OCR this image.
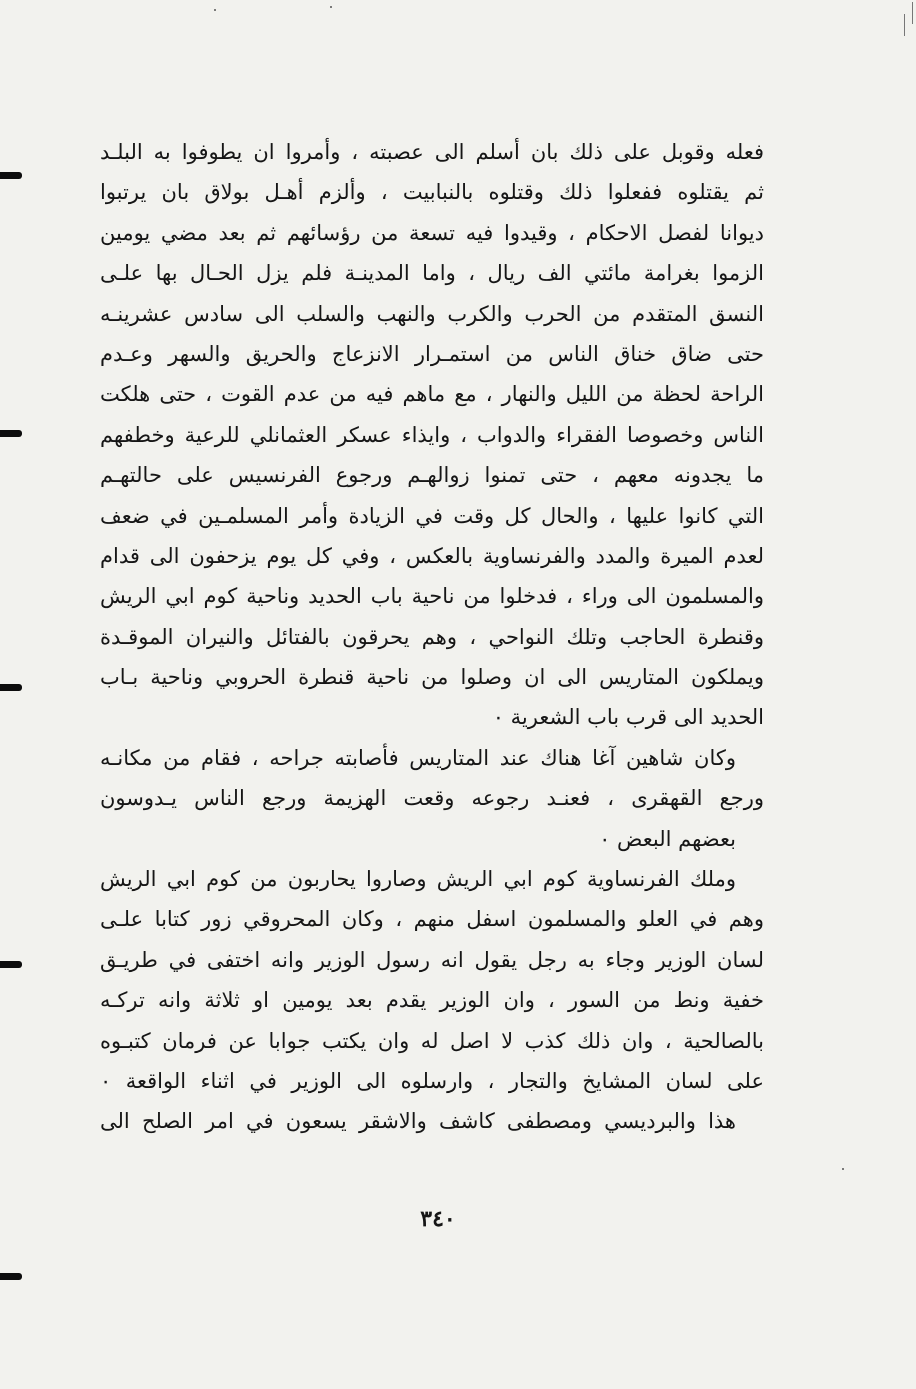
فعله وقوبل على ذلك بان أسلم الى عصبته ، وأمروا ان يطوفوا به البلـد
ثم يقتلوه ففعلوا ذلك وقتلوه بالنبابيت ، وألزم أهـل بولاق بان يرتبوا
ديوانا لفصل الاحكام ، وقيدوا فيه تسعة من رؤسائهم ثم بعد مضي يومين
الزموا بغرامة مائتي الف ريال ، واما المدينـة فلم يزل الحـال بها علـى
النسق المتقدم من الحرب والكرب والنهب والسلب الى سادس عشرينـه
حتى ضاق خناق الناس من استمـرار الانزعاج والحريق والسهر وعـدم
الراحة لحظة من الليل والنهار ، مع ماهم فيه من عدم القوت ، حتى هلكت
الناس وخصوصا الفقراء والدواب ، وايذاء عسكر العثمانلي للرعية وخطفهم
ما يجدونه معهم ، حتى تمنوا زوالهـم ورجوع الفرنسيس على حالتهـم
التي كانوا عليها ، والحال كل وقت في الزيادة وأمر المسلمـين في ضعف
لعدم الميرة والمدد والفرنساوية بالعكس ، وفي كل يوم يزحفون الى قدام
والمسلمون الى وراء ، فدخلوا من ناحية باب الحديد وناحية كوم ابي الريش
وقنطرة الحاجب وتلك النواحي ، وهم يحرقون بالفتائل والنيران الموقـدة
ويملكون المتاريس الى ان وصلوا من ناحية قنطرة الحروبي وناحية بـاب
الحديد الى قرب باب الشعرية ٠
وكان شاهين آغا هناك عند المتاريس فأصابته جراحه ، فقام من مكانـه
ورجع القهقرى ، فعنـد رجوعه وقعت الهزيمة ورجع الناس يـدوسون
بعضهم البعض ٠
وملك الفرنساوية كوم ابي الريش وصاروا يحاربون من كوم ابي الريش
وهم في العلو والمسلمون اسفل منهم ، وكان المحروقي زور كتابا علـى
لسان الوزير وجاء به رجل يقول انه رسول الوزير وانه اختفى في طريـق
خفية ونط من السور ، وان الوزير يقدم بعد يومين او ثلاثة وانه تركـه
بالصالحية ، وان ذلك كذب لا اصل له وان يكتب جوابا عن فرمان كتبـوه
على لسان المشايخ والتجار ، وارسلوه الى الوزير في اثناء الواقعة ٠
هذا والبرديسي ومصطفى كاشف والاشقر يسعون في امر الصلح الى
٣٤٠
